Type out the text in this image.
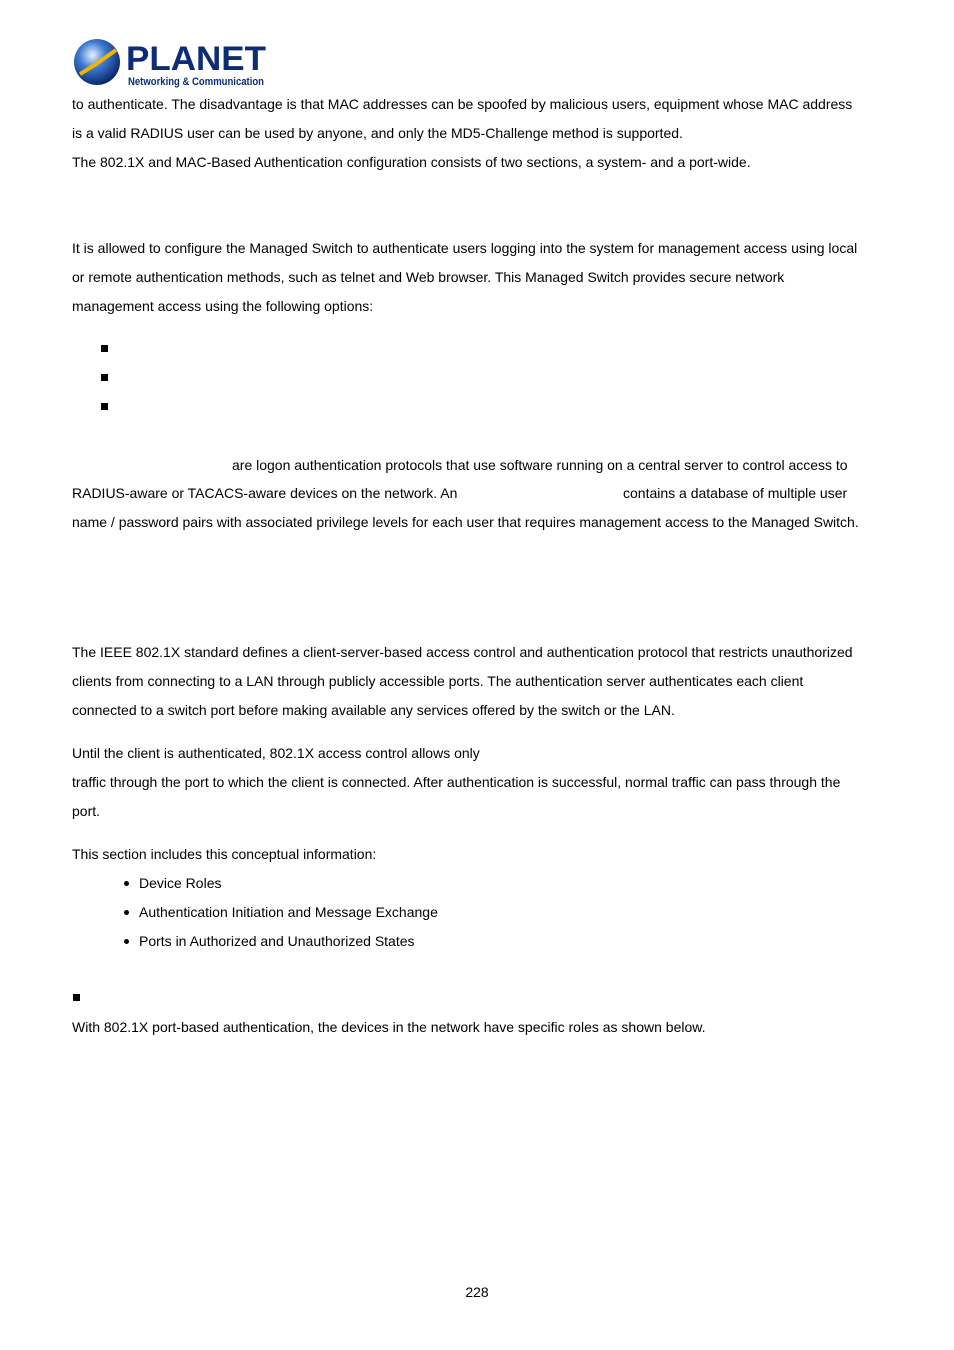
PLANET
Networking & Communication
to authenticate. The disadvantage is that MAC addresses can be spoofed by malicious users, equipment whose MAC address
is a valid RADIUS user can be used by anyone, and only the MD5-Challenge method is supported.
The 802.1X and MAC-Based Authentication configuration consists of two sections, a system- and a port-wide.
It is allowed to configure the Managed Switch to authenticate users logging into the system for management access using local
or remote authentication methods, such as telnet and Web browser. This Managed Switch provides secure network
management access using the following options:
are logon authentication protocols that use software running on a central server to control access to
RADIUS-aware or TACACS-aware devices on the network. An	contains a database of multiple user
name / password pairs with associated privilege levels for each user that requires management access to the Managed Switch.
The IEEE 802.1X standard defines a client-server-based access control and authentication protocol that restricts unauthorized
clients from connecting to a LAN through publicly accessible ports. The authentication server authenticates each client
connected to a switch port before making available any services offered by the switch or the LAN.
Until the client is authenticated, 802.1X access control allows only
traffic through the port to which the client is connected. After authentication is successful, normal traffic can pass through the
port.
This section includes this conceptual information:
Device Roles
Authentication Initiation and Message Exchange
Ports in Authorized and Unauthorized States
With 802.1X port-based authentication, the devices in the network have specific roles as shown below.
228
